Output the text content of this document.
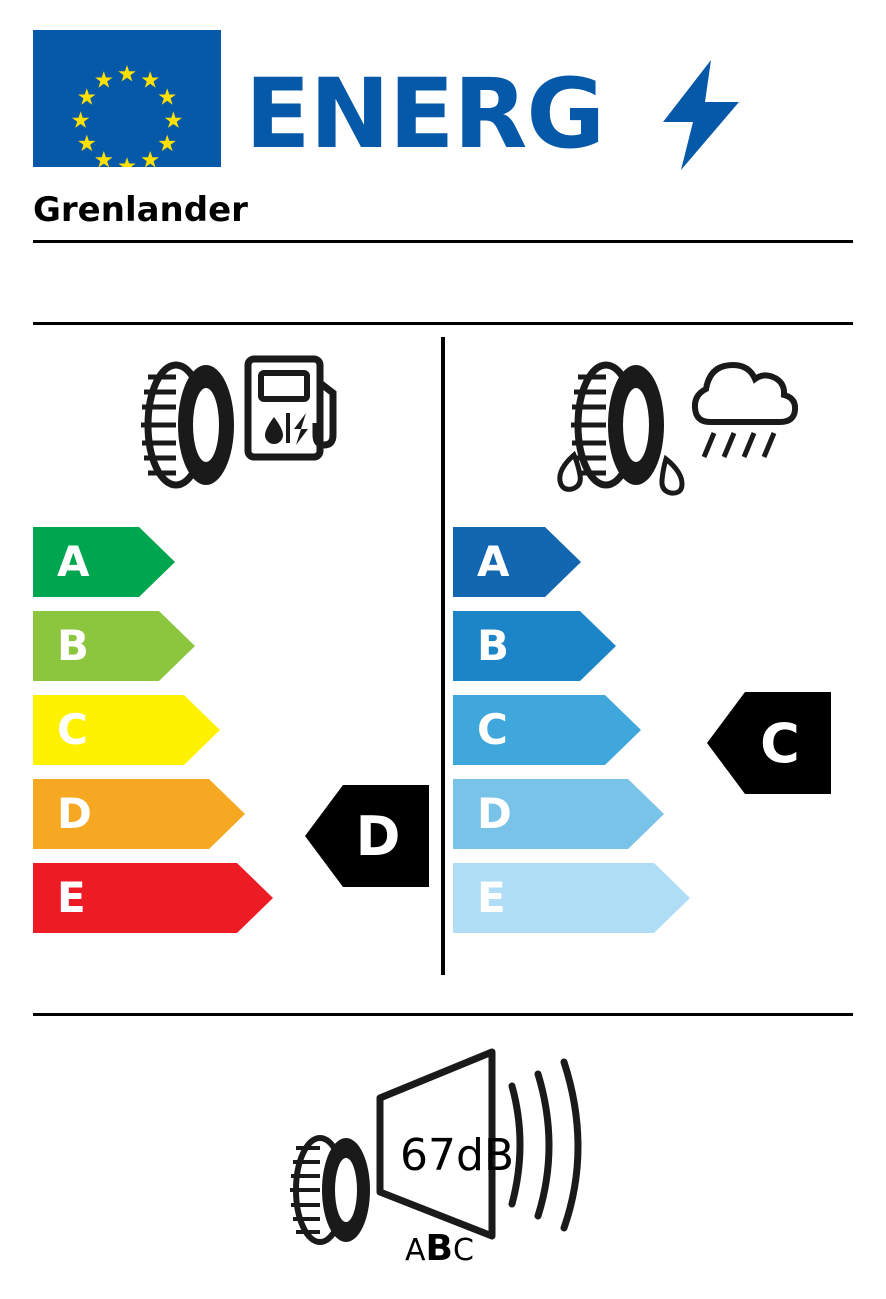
ENERG
Grenlander
A
B
C
D
E
D
A
B
C
D
E
C
67dB
ABC
